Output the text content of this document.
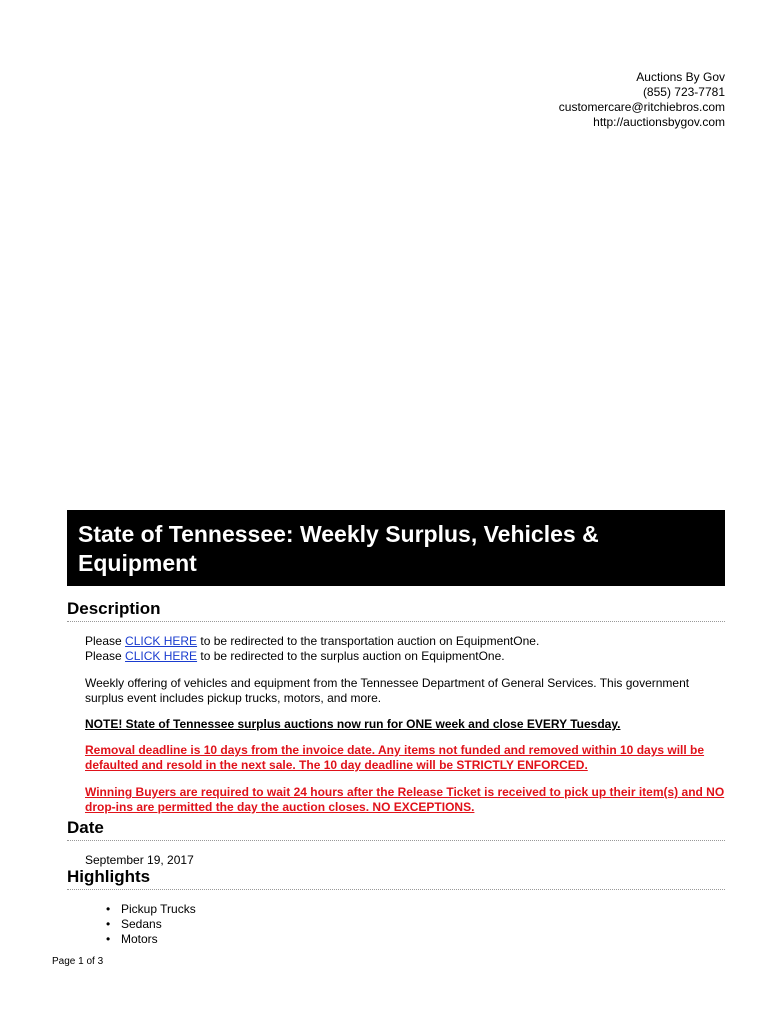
Auctions By Gov
(855) 723-7781
customercare@ritchiebros.com
http://auctionsbygov.com
State of Tennessee: Weekly Surplus, Vehicles &
Equipment
Description

Please CLICK HERE to be redirected to the transportation auction on EquipmentOne.

Please CLICK HERE to be redirected to the surplus auction on EquipmentOne.

Weekly offering of vehicles and equipment from the Tennessee Department of General Services. This government surplus event includes pickup trucks, motors, and more.

NOTE! State of Tennessee surplus auctions now run for ONE week and close EVERY Tuesday.

Removal deadline is 10 days from the invoice date. Any items not funded and removed within 10 days will be defaulted and resold in the next sale. The 10 day deadline will be STRICTLY ENFORCED.

Winning Buyers are required to wait 24 hours after the Release Ticket is received to pick up their item(s) and NO drop-ins are permitted the day the auction closes. NO EXCEPTIONS.

Date
September 19, 2017
Highlights
• Pickup Trucks
• Sedans
• Motors
Page 1 of 3
